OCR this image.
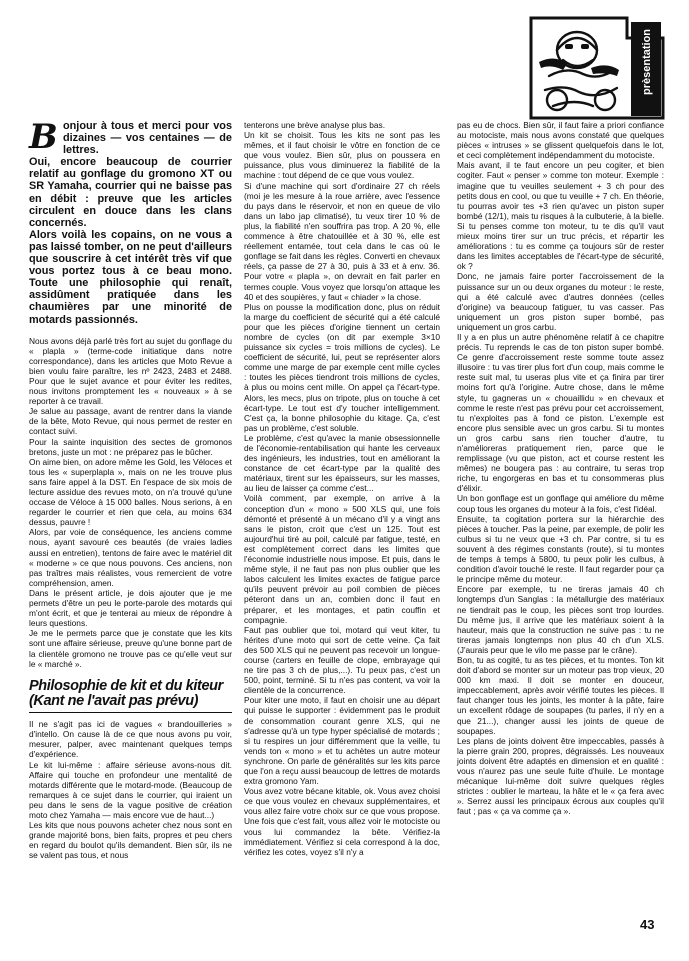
prèsentation

Bonjour à tous et merci pour vos dizaines — vos centaines — de lettres.

Oui, encore beaucoup de courrier relatif au gonflage du gromono XT ou SR Yamaha, courrier qui ne baisse pas en débit : preuve que les articles circulent en douce dans les clans concernés.

Alors voilà les copains, on ne vous a pas laissé tomber, on ne peut d'ailleurs que souscrire à cet intérêt très vif que vous portez tous à ce beau mono. Toute une philosophie qui renaît, assidûment pratiquée dans les chaumières par une minorité de motards passionnés.

Nous avons déjà parlé très fort au sujet du gonflage du « plapla » (terme-code initiatique dans notre correspondance), dans les articles que Moto Revue a bien voulu faire paraître, les nº 2423, 2483 et 2488. Pour que le sujet avance et pour éviter les redites, nous invitons promptement les « nouveaux » à se reporter à ce travail.

Je salue au passage, avant de rentrer dans la viande de la bête, Moto Revue, qui nous permet de rester en contact suivi.

Pour la sainte inquisition des sectes de gromonos bretons, juste un mot : ne préparez pas le bûcher.

On aime bien, on adore même les Gold, les Véloces et tous les « superplapla », mais on ne les trouve plus sans faire appel à la DST. En l'espace de six mois de lecture assidue des revues moto, on n'a trouvé qu'une occase de Véloce à 15 000 balles. Nous serions, à en regarder le courrier et rien que cela, au moins 634 dessus, pauvre !

Alors, par voie de conséquence, les anciens comme nous, ayant savouré ces beautés (de vraies ladies aussi en entretien), tentons de faire avec le matériel dit « moderne » ce que nous pouvons. Ces anciens, non pas traîtres mais réalistes, vous remercient de votre compréhension, amen.

Dans le présent article, je dois ajouter que je me permets d'être un peu le porte-parole des motards qui m'ont écrit, et que je tenterai au mieux de répondre à leurs questions.

Je me le permets parce que je constate que les kits sont une affaire sérieuse, preuve qu'une bonne part de la clientèle gromono ne trouve pas ce qu'elle veut sur le « marché ».

Philosophie de kit et du kiteur
(Kant ne l'avait pas prévu)

Il ne s'agit pas ici de vagues « brandouilleries » d'intello. On cause là de ce que nous avons pu voir, mesurer, palper, avec maintenant quelques temps d'expérience.

Le kit lui-même : affaire sérieuse avons-nous dit. Affaire qui touche en profondeur une mentalité de motards différente que le motard-mode. (Beaucoup de remarques à ce sujet dans le courrier, qui iraient un peu dans le sens de la vague positive de création moto chez Yamaha — mais encore vue de haut...)

Les kits que nous pouvons acheter chez nous sont en grande majorité bons, bien faits, propres et peu chers en regard du boulot qu'ils demandent. Bien sûr, ils ne se valent pas tous, et nous

tenterons une brève analyse plus bas.

Un kit se choisit. Tous les kits ne sont pas les mêmes, et il faut choisir le vôtre en fonction de ce que vous voulez. Bien sûr, plus on poussera en puissance, plus vous diminuerez la fiabilité de la machine : tout dépend de ce que vous voulez.

Si d'une machine qui sort d'ordinaire 27 ch réels (moi je les mesure à la roue arrière, avec l'essence du pays dans le réservoir, et non en queue de vilo dans un labo jap climatisé), tu veux tirer 10 % de plus, la fiabilité n'en souffrira pas trop. A 20 %, elle commence à être chatouillée et à 30 %, elle est réellement entamée, tout cela dans le cas où le gonflage se fait dans les règles. Converti en chevaux réels, ça passe de 27 à 30, puis à 33 et à env. 36. Pour votre « plapla », on devrait en fait parler en termes couple. Vous voyez que lorsqu'on attaque les 40 et des soupières, y faut « chiader » la chose.

Plus on pousse la modification donc, plus on réduit la marge du coefficient de sécurité qui a été calculé pour que les pièces d'origine tiennent un certain nombre de cycles (on dit par exemple 3×10 puissance six cycles = trois millions de cycles). Le coefficient de sécurité, lui, peut se représenter alors comme une marge de par exemple cent mille cycles : toutes les pièces tiendront trois millions de cycles, à plus ou moins cent mille. On appel ça l'écart-type. Alors, les mecs, plus on tripote, plus on touche à cet écart-type. Le tout est d'y toucher intelligemment. C'est ça, la bonne philosophie du kitage. Ça, c'est pas un problème, c'est soluble.

Le problème, c'est qu'avec la manie obsessionnelle de l'économie-rentabilisation qui hante les cerveaux des ingénieurs, les industries, tout en améliorant la constance de cet écart-type par la qualité des matériaux, tirent sur les épaisseurs, sur les masses, au lieu de laisser ça comme c'est...

Voilà comment, par exemple, on arrive à la conception d'un « mono » 500 XLS qui, une fois démonté et présenté à un mécano d'il y a vingt ans sans le piston, croit que c'est un 125. Tout est aujourd'hui tiré au poil, calculé par fatigue, testé, en est complètement correct dans les limites que l'économie industrielle nous impose. Et puis, dans le même style, il ne faut pas non plus oublier que les labos calculent les limites exactes de fatigue parce qu'ils peuvent prévoir au poil combien de pièces péteront dans un an, combien donc il faut en préparer, et les montages, et patin couffin et compagnie.

Faut pas oublier que toi, motard qui veut kiter, tu hérites d'une moto qui sort de cette veine. Ça fait des 500 XLS qui ne peuvent pas recevoir un longue-course (carters en feuille de clope, embrayage qui ne tire pas 3 ch de plus,...). Tu peux pas, c'est un 500, point, terminé. Si tu n'es pas content, va voir la clientèle de la concurrence.

Pour kiter une moto, il faut en choisir une au départ qui puisse le supporter : évidemment pas le produit de consommation courant genre XLS, qui ne s'adresse qu'à un type hyper spécialisé de motards ; si tu respires un jour différemment que la veille, tu vends ton « mono » et tu achètes un autre moteur synchrone. On parle de généralités sur les kits parce que l'on a reçu aussi beaucoup de lettres de motards extra gromono Yam.

Vous avez votre bécane kitable, ok. Vous avez choisi ce que vous voulez en chevaux supplémentaires, et vous allez faire votre choix sur ce que vous propose. Une fois que c'est fait, vous allez voir le motociste ou vous lui commandez la bête. Vérifiez-la immédiatement. Vérifiez si cela correspond à la doc, vérifiez les cotes, voyez s'il n'y a

pas eu de chocs. Bien sûr, il faut faire a priori confiance au motociste, mais nous avons constaté que quelques pièces « intruses » se glissent quelquefois dans le lot, et ceci complètement indépendamment du motociste.

Mais avant, il te faut encore un peu cogiter, et bien cogiter. Faut « penser » comme ton moteur. Exemple : imagine que tu veuilles seulement + 3 ch pour des petits dous en cool, ou que tu veuille + 7 ch. En théorie, tu pourras avoir tes +3 rien qu'avec un piston super bombé (12/1), mais tu risques à la culbuterie, à la bielle. Si tu penses comme ton moteur, tu te dis qu'il vaut mieux moins tirer sur un truc précis, et répartir les améliorations : tu es comme ça toujours sûr de rester dans les limites acceptables de l'écart-type de sécurité, ok ?

Donc, ne jamais faire porter l'accroissement de la puissance sur un ou deux organes du moteur : le reste, qui a été calculé avec d'autres données (celles d'origine) va beaucoup fatiguer, tu vas casser. Pas uniquement un gros piston super bombé, pas uniquement un gros carbu.

Il y a en plus un autre phénomène relatif à ce chapitre précis. Tu reprends le cas de ton piston super bombé. Ce genre d'accroissement reste somme toute assez illusoire : tu vas tirer plus fort d'un coup, mais comme le reste suit mal, tu useras plus vite et ça finira par tirer moins fort qu'à l'origine. Autre chose, dans le même style, tu gagneras un « chouaillidu » en chevaux et comme le reste n'est pas prévu pour cet accroissement, tu n'exploites pas à fond ce piston. L'exemple est encore plus sensible avec un gros carbu. Si tu montes un gros carbu sans rien toucher d'autre, tu n'amélioreras pratiquement rien, parce que le remplissage (vu que piston, act et course restent les mêmes) ne bougera pas : au contraire, tu seras trop riche, tu engorgeras en bas et tu consommeras plus d'élixir.

Un bon gonflage est un gonflage qui améliore du même coup tous les organes du moteur à la fois, c'est l'idéal.

Ensuite, ta cogitation portera sur la hiérarchie des pièces à toucher. Pas la peine, par exemple, de polir les culbus si tu ne veux que +3 ch. Par contre, si tu es souvent à des régimes constants (route), si tu montes de temps à temps à 5800, tu peux polir les culbus, à condition d'avoir touché le reste. Il faut regarder pour ça le principe même du moteur.

Encore par exemple, tu ne tireras jamais 40 ch longtemps d'un Sanglas : la métallurgie des matériaux ne tiendrait pas le coup, les pièces sont trop lourdes. Du même jus, il arrive que les matériaux soient à la hauteur, mais que la construction ne suive pas : tu ne tireras jamais longtemps non plus 40 ch d'un XLS. (J'aurais peur que le vilo me passe par le crâne).

Bon, tu as cogité, tu as tes pièces, et tu montes. Ton kit doit d'abord se monter sur un moteur pas trop vieux, 20 000 km maxi. Il doit se monter en douceur, impeccablement, après avoir vérifié toutes les pièces. Il faut changer tous les joints, les monter à la pâte, faire un excellent rôdage de soupapes (tu parles, il n'y en a que 21...), changer aussi les joints de queue de soupapes.

Les plans de joints doivent être impeccables, passés à la pierre grain 200, propres, dégraissés. Les nouveaux joints doivent être adaptés en dimension et en qualité : vous n'aurez pas une seule fuite d'huile. Le montage mécanique lui-même doit suivre quelques règles strictes : oublier le marteau, la hâte et le « ça fera avec ». Serrez aussi les principaux écrous aux couples qu'il faut ; pas « ça va comme ça ».

43
